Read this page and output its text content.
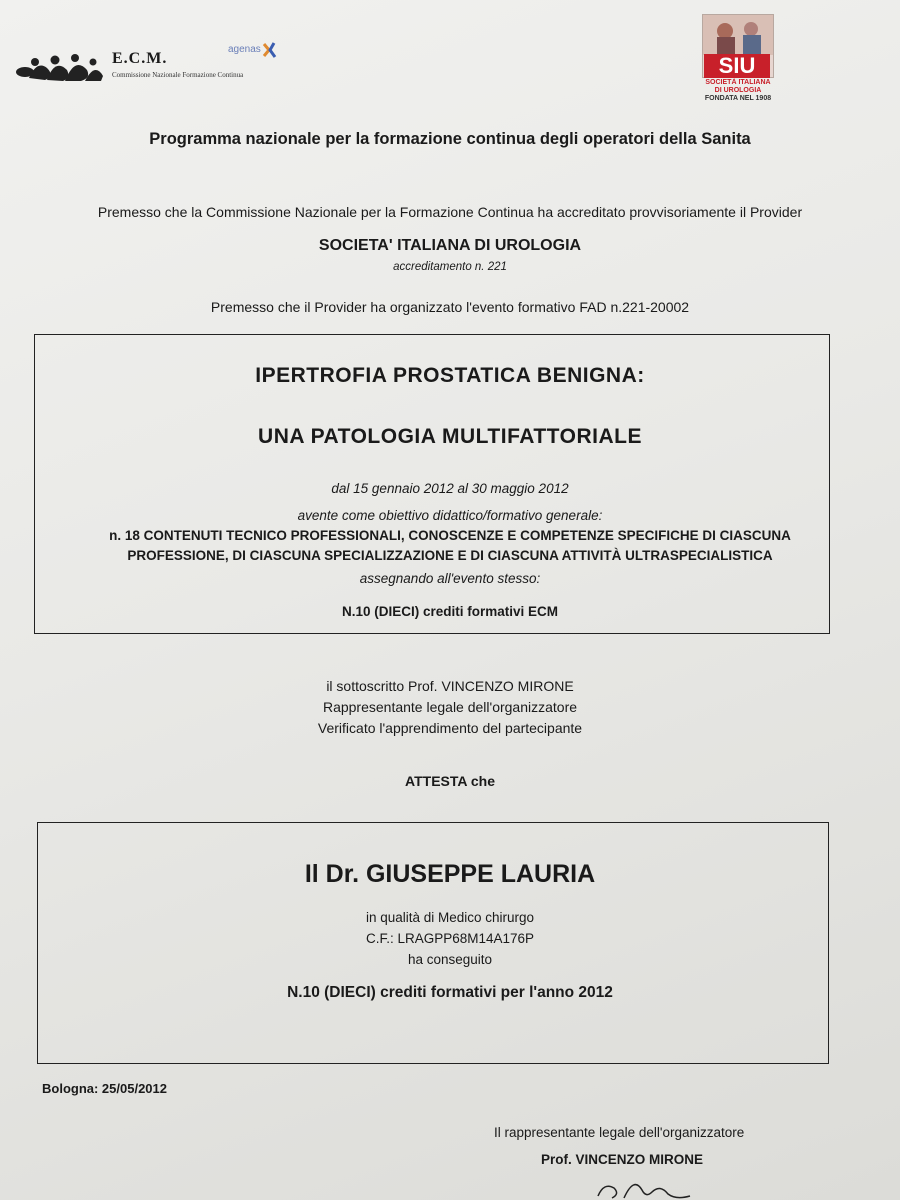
E.C.M.
Commissione Nazionale Formazione Continua
agenas
SIU
SOCIETÀ ITALIANA
DI UROLOGIA
FONDATA NEL 1908
Programma nazionale per la formazione continua degli operatori della Sanita
Premesso che la Commissione Nazionale per la Formazione Continua ha accreditato provvisoriamente il Provider
SOCIETA' ITALIANA DI UROLOGIA
accreditamento n. 221
Premesso che il Provider ha organizzato l'evento formativo FAD n.221-20002
IPERTROFIA PROSTATICA BENIGNA:
UNA PATOLOGIA MULTIFATTORIALE
dal 15 gennaio 2012 al 30 maggio 2012
avente come obiettivo didattico/formativo generale:
n. 18 CONTENUTI TECNICO PROFESSIONALI, CONOSCENZE E COMPETENZE SPECIFICHE DI CIASCUNA
PROFESSIONE, DI CIASCUNA SPECIALIZZAZIONE E DI CIASCUNA ATTIVITÀ ULTRASPECIALISTICA
assegnando all'evento stesso:
N.10 (DIECI) crediti formativi ECM
il sottoscritto Prof. VINCENZO MIRONE
Rappresentante legale dell'organizzatore
Verificato l'apprendimento del partecipante
ATTESTA che
Il Dr. GIUSEPPE LAURIA
in qualità di Medico chirurgo
C.F.: LRAGPP68M14A176P
ha conseguito
N.10 (DIECI) crediti formativi per l'anno 2012
Bologna: 25/05/2012
Il rappresentante legale dell'organizzatore
Prof. VINCENZO MIRONE
